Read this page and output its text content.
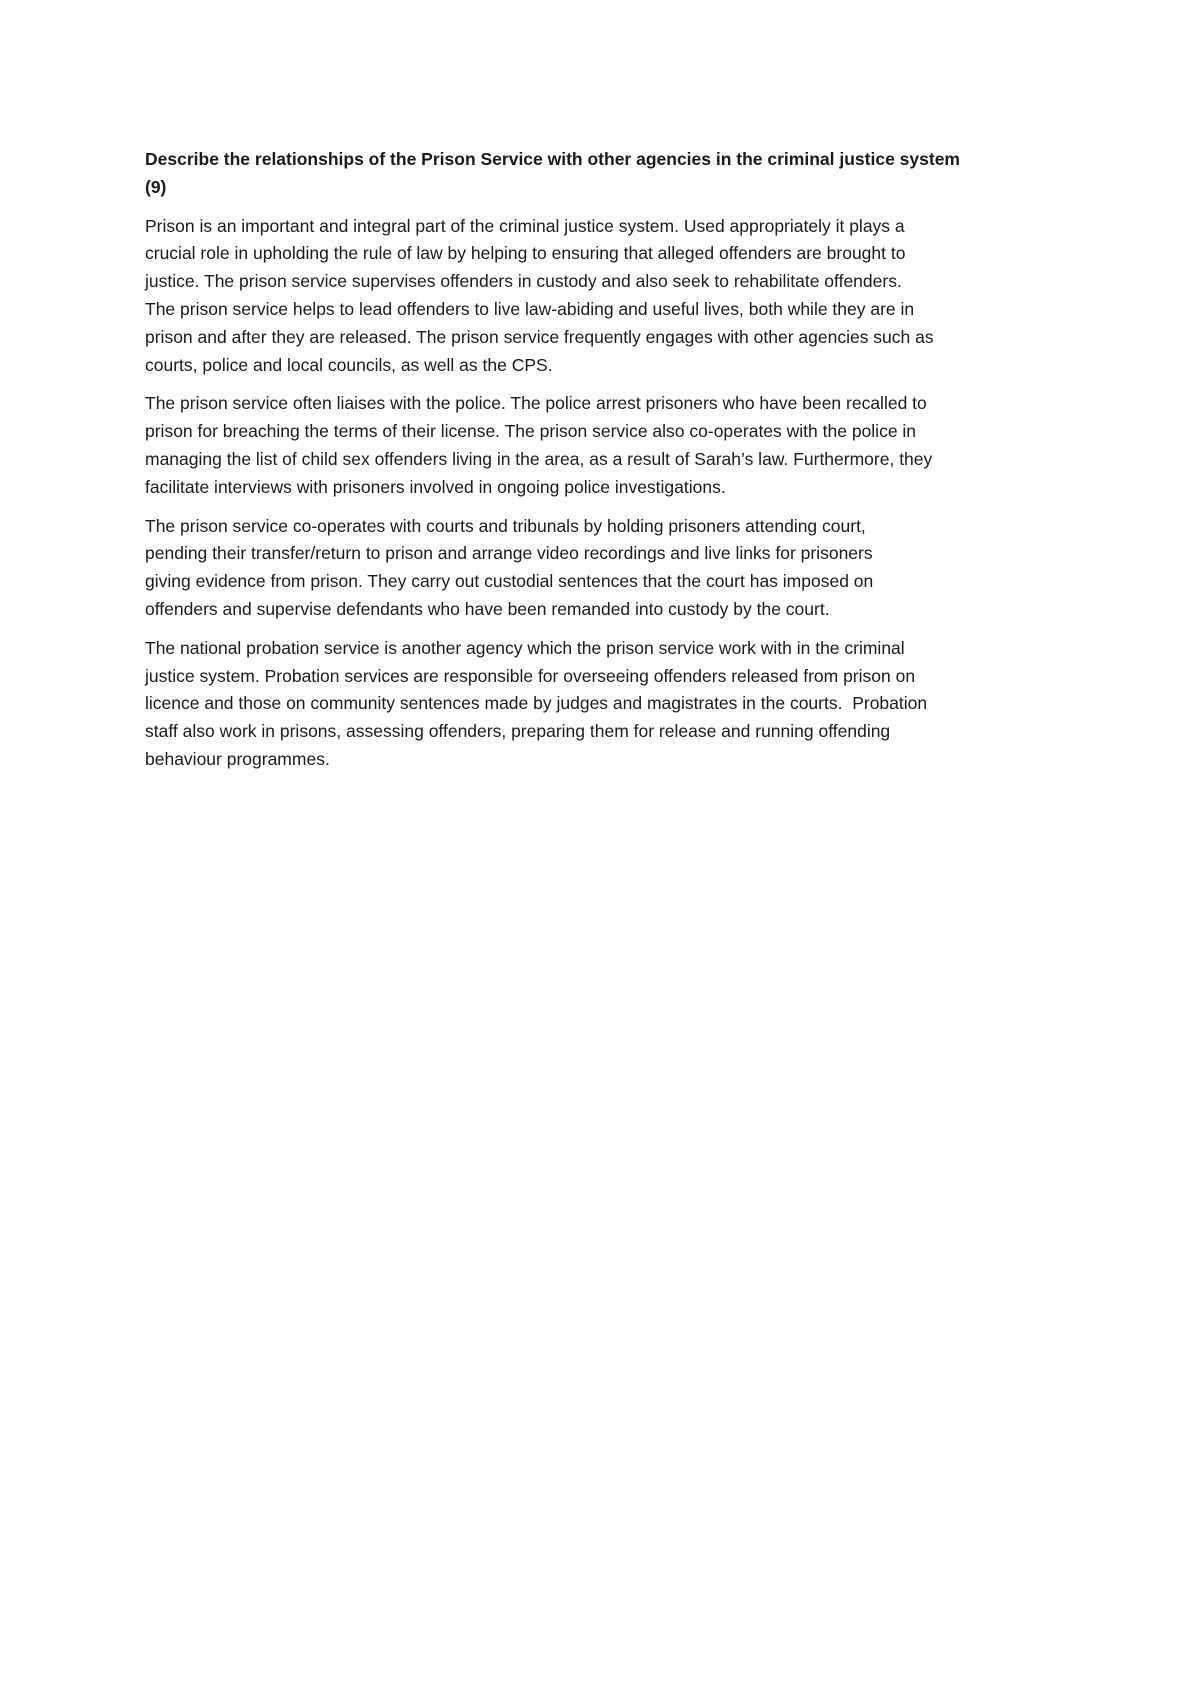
Describe the relationships of the Prison Service with other agencies in the criminal justice system
(9)
Prison is an important and integral part of the criminal justice system. Used appropriately it plays a
crucial role in upholding the rule of law by helping to ensuring that alleged offenders are brought to
justice. The prison service supervises offenders in custody and also seek to rehabilitate offenders.
The prison service helps to lead offenders to live law-abiding and useful lives, both while they are in
prison and after they are released. The prison service frequently engages with other agencies such as
courts, police and local councils, as well as the CPS.
The prison service often liaises with the police. The police arrest prisoners who have been recalled to
prison for breaching the terms of their license. The prison service also co-operates with the police in
managing the list of child sex offenders living in the area, as a result of Sarah’s law. Furthermore, they
facilitate interviews with prisoners involved in ongoing police investigations.
The prison service co-operates with courts and tribunals by holding prisoners attending court,
pending their transfer/return to prison and arrange video recordings and live links for prisoners
giving evidence from prison. They carry out custodial sentences that the court has imposed on
offenders and supervise defendants who have been remanded into custody by the court.
The national probation service is another agency which the prison service work with in the criminal
justice system. Probation services are responsible for overseeing offenders released from prison on
licence and those on community sentences made by judges and magistrates in the courts.  Probation
staff also work in prisons, assessing offenders, preparing them for release and running offending
behaviour programmes.
